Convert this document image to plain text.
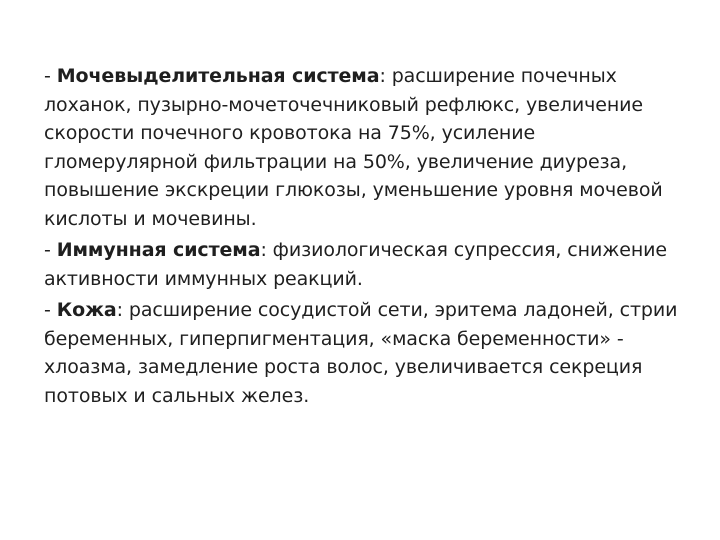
- Мочевыделительная система: расширение почечных лоханок, пузырно-мочеточечниковый рефлюкс, увеличение скорости почечного кровотока на 75%, усиление гломерулярной фильтрации на 50%, увеличение диуреза, повышение экскреции глюкозы, уменьшение уровня мочевой кислоты и мочевины.

- Иммунная система: физиологическая супрессия, снижение активности иммунных реакций.

- Кожа: расширение сосудистой сети, эритема ладоней, стрии беременных, гиперпигментация, «маска беременности» - хлоазма, замедление роста волос, увеличивается секреция потовых и сальных желез.
